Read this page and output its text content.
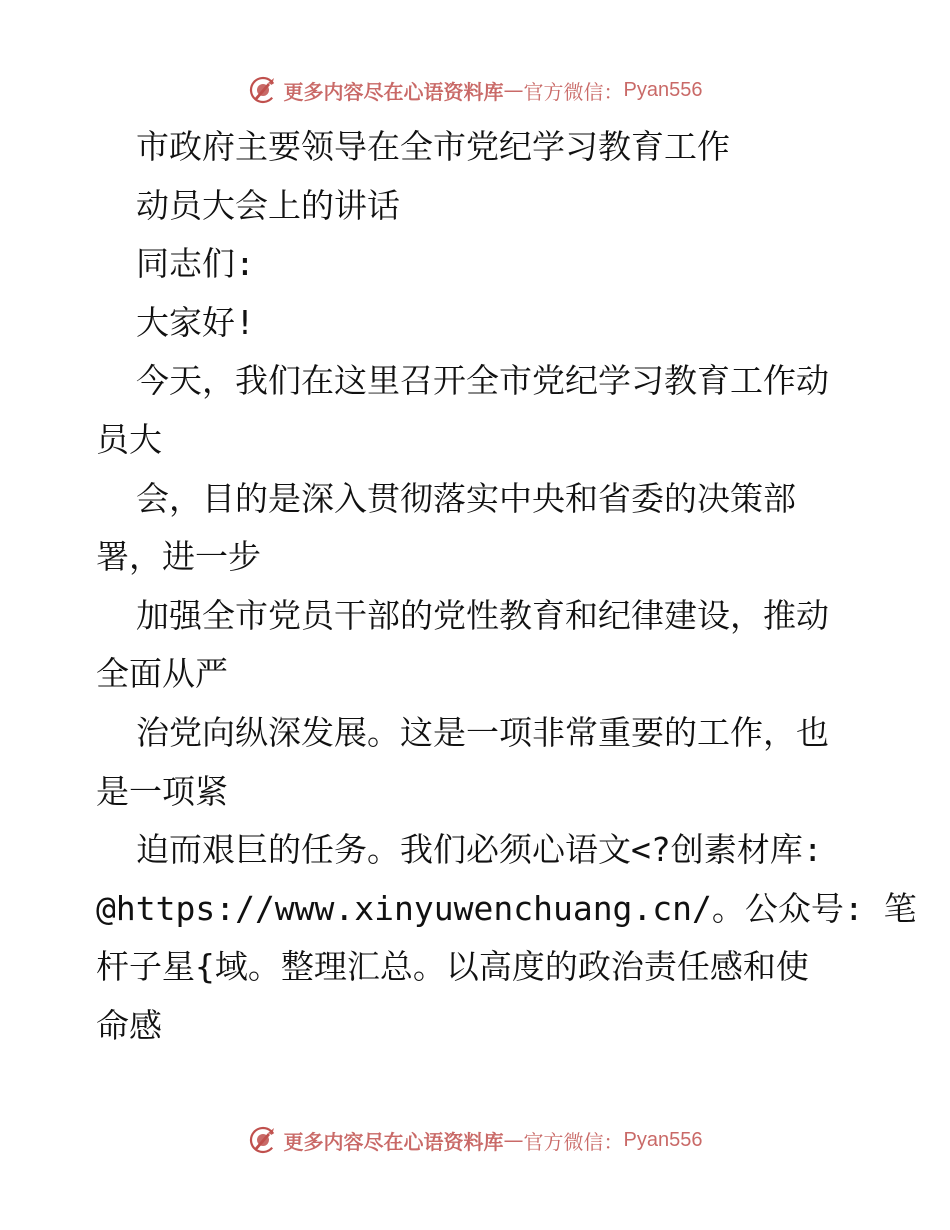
更多内容尽在心语资料库 — 官方微信： Pyan556
市政府主要领导在全市党纪学习教育工作
动员大会上的讲话
同志们:
大家好!
今天，我们在这里召开全市党纪学习教育工作动
员大
会，目的是深入贯彻落实中央和省委的决策部
署，进一步
加强全市党员干部的党性教育和纪律建设，推动
全面从严
治党向纵深发展。这是一项非常重要的工作，也
是一项紧
迫而艰巨的任务。我们必须心语文<?创素材库:
@https://www.xinyuwenchuang.cn/。公众号: 笔
杆子星{域。整理汇总。以高度的政治责任感和使
命感
更多内容尽在心语资料库 — 官方微信： Pyan556
